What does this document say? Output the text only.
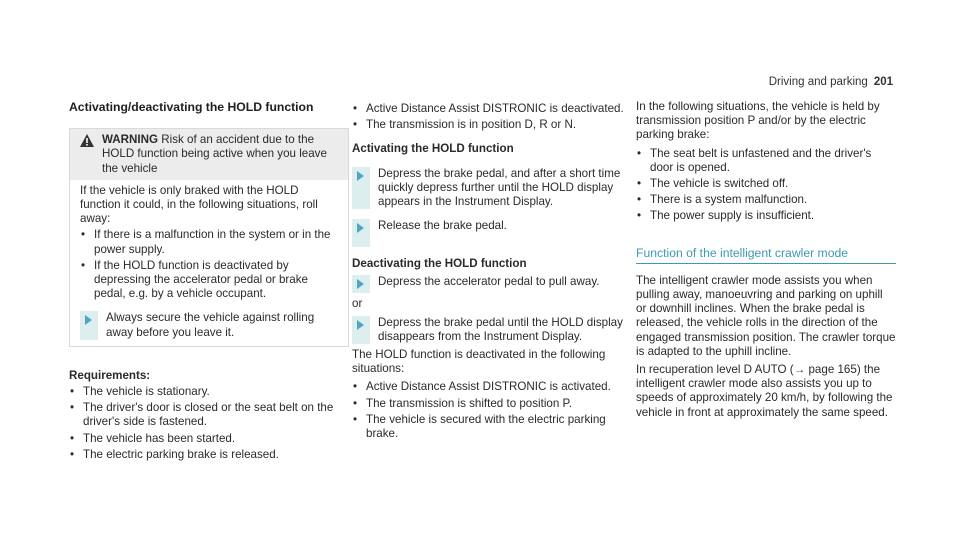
Driving and parking 201
Activating/deactivating the HOLD function
WARNING Risk of an accident due to the HOLD function being active when you leave the vehicle

If the vehicle is only braked with the HOLD function it could, in the following situations, roll away:

• If there is a malfunction in the system or in the power supply.
• If the HOLD function is deactivated by depressing the accelerator pedal or brake pedal, e.g. by a vehicle occupant.
Always secure the vehicle against rolling away before you leave it.
Requirements:
• The vehicle is stationary.
• The driver's door is closed or the seat belt on the driver's side is fastened.
• The vehicle has been started.
• The electric parking brake is released.
• Active Distance Assist DISTRONIC is deactivated.
• The transmission is in position D, R or N.
Activating the HOLD function
Depress the brake pedal, and after a short time quickly depress further until the HOLD display appears in the Instrument Display.
Release the brake pedal.
Deactivating the HOLD function
Depress the accelerator pedal to pull away.

or

Depress the brake pedal until the HOLD display disappears from the Instrument Display.

The HOLD function is deactivated in the following situations:

• Active Distance Assist DISTRONIC is activated.
• The transmission is shifted to position P.
• The vehicle is secured with the electric parking brake.

In the following situations, the vehicle is held by transmission position P and/or by the electric parking brake:

• The seat belt is unfastened and the driver's door is opened.
• The vehicle is switched off.
• There is a system malfunction.
• The power supply is insufficient.
Function of the intelligent crawler mode

The intelligent crawler mode assists you when pulling away, manoeuvring and parking on uphill or downhill inclines. When the brake pedal is released, the vehicle rolls in the direction of the engaged transmission position. The crawler torque is adapted to the uphill incline.

In recuperation level D AUTO (→ page 165) the intelligent crawler mode also assists you up to speeds of approximately 20 km/h, by following the vehicle in front at approximately the same speed.
